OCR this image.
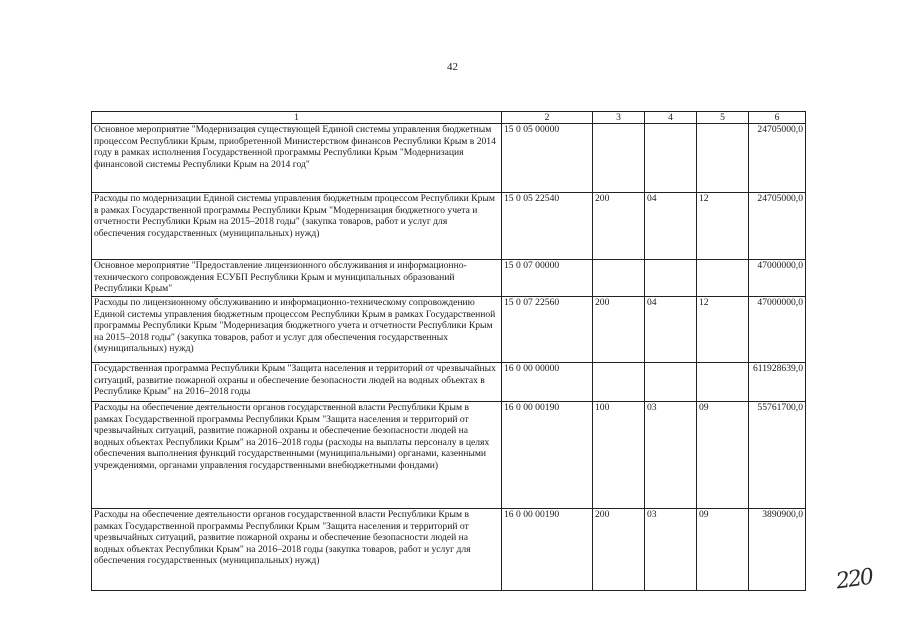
42
1	2	3	4	5	6
Основное мероприятие "Модернизация существующей Единой системы управления бюджетным процессом Республики Крым, приобретенной Министерством финансов Республики Крым в 2014 году в рамках исполнения Государственной программы Республики Крым "Модернизация финансовой системы Республики Крым на 2014 год"	15 0 05 00000				24705000,0
Расходы по модернизации Единой системы управления бюджетным процессом Республики Крым в рамках Государственной программы Республики Крым "Модернизация бюджетного учета и отчетности Республики Крым на 2015–2018 годы" (закупка товаров, работ и услуг для обеспечения государственных (муниципальных) нужд)	15 0 05 22540	200	04	12	24705000,0
Основное мероприятие "Предоставление лицензионного обслуживания и информационно-технического сопровождения ЕСУБП Республики Крым и муниципальных образований Республики Крым"	15 0 07 00000				47000000,0
Расходы по лицензионному обслуживанию и информационно-техническому сопровождению Единой системы управления бюджетным процессом Республики Крым в рамках Государственной программы Республики Крым "Модернизация бюджетного учета и отчетности Республики Крым на 2015–2018 годы" (закупка товаров, работ и услуг для обеспечения государственных (муниципальных) нужд)	15 0 07 22560	200	04	12	47000000,0
Государственная программа Республики Крым "Защита населения и территорий от чрезвычайных ситуаций, развитие пожарной охраны и обеспечение безопасности людей на водных объектах в Республике Крым" на 2016–2018 годы	16 0 00 00000				611928639,0
Расходы на обеспечение деятельности органов государственной власти Республики Крым в рамках Государственной программы Республики Крым "Защита населения и территорий от чрезвычайных ситуаций, развитие пожарной охраны и обеспечение безопасности людей на водных объектах Республики Крым" на 2016–2018 годы (расходы на выплаты персоналу в целях обеспечения выполнения функций государственными (муниципальными) органами, казенными учреждениями, органами управления государственными внебюджетными фондами)	16 0 00 00190	100	03	09	55761700,0
Расходы на обеспечение деятельности органов государственной власти Республики Крым в рамках Государственной программы Республики Крым "Защита населения и территорий от чрезвычайных ситуаций, развитие пожарной охраны и обеспечение безопасности людей на водных объектах Республики Крым" на 2016–2018 годы (закупка товаров, работ и услуг для обеспечения государственных (муниципальных) нужд)	16 0 00 00190	200	03	09	3890900,0
220
